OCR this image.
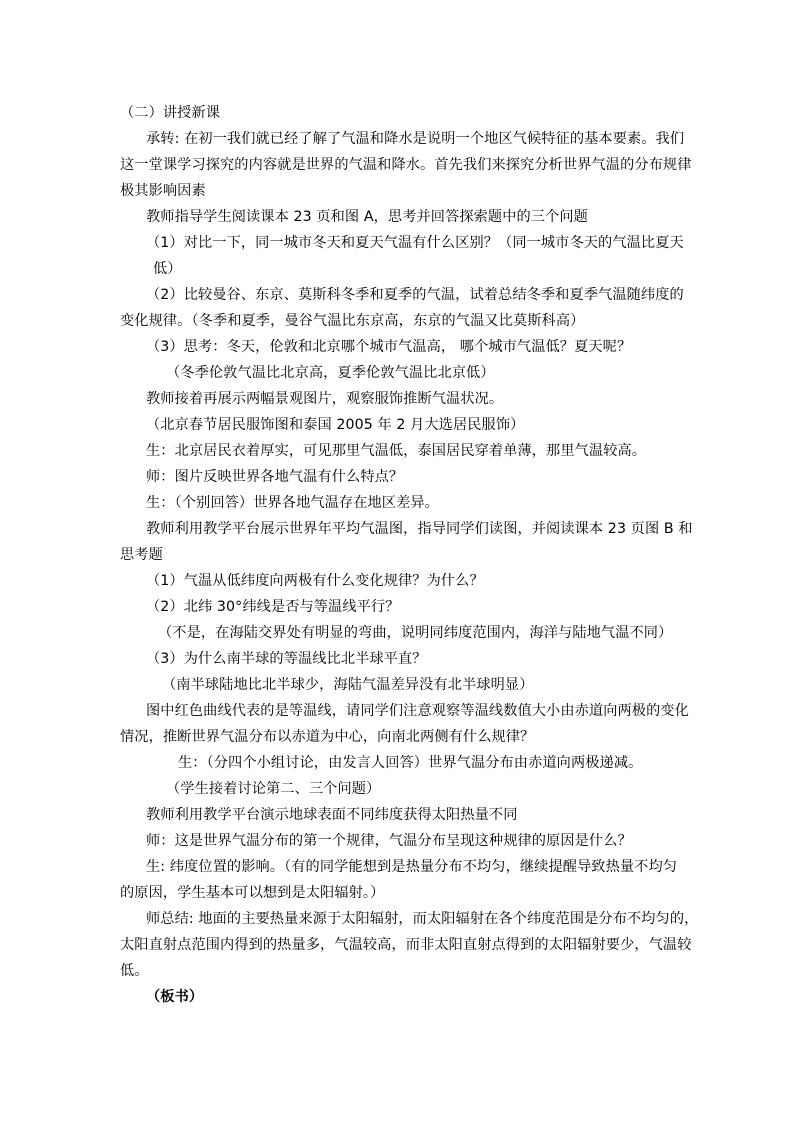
（二）讲授新课
承转: 在初一我们就已经了解了气温和降水是说明一个地区气候特征的基本要素。我们
这一堂课学习探究的内容就是世界的气温和降水。首先我们来探究分析世界气温的分布规律
极其影响因素
教师指导学生阅读课本 23 页和图 A，思考并回答探索题中的三个问题
（1）对比一下，同一城市冬天和夏天气温有什么区别？（同一城市冬天的气温比夏天
低）
（2）比较曼谷、东京、莫斯科冬季和夏季的气温，试着总结冬季和夏季气温随纬度的
变化规律。（冬季和夏季，曼谷气温比东京高，东京的气温又比莫斯科高）
（3）思考：冬天，伦敦和北京哪个城市气温高， 哪个城市气温低？夏天呢？
（冬季伦敦气温比北京高，夏季伦敦气温比北京低）
教师接着再展示两幅景观图片，观察服饰推断气温状况。
（北京春节居民服饰图和泰国 2005 年 2 月大选居民服饰）
生：北京居民衣着厚实，可见那里气温低，泰国居民穿着单薄，那里气温较高。
师：图片反映世界各地气温有什么特点？
生：（个别回答）世界各地气温存在地区差异。
教师利用教学平台展示世界年平均气温图，指导同学们读图，并阅读课本 23 页图 B 和
思考题
（1）气温从低纬度向两极有什么变化规律？为什么？
（2）北纬 30°纬线是否与等温线平行？
（不是，在海陆交界处有明显的弯曲，说明同纬度范围内，海洋与陆地气温不同）
（3）为什么南半球的等温线比北半球平直？
（南半球陆地比北半球少，海陆气温差异没有北半球明显）
图中红色曲线代表的是等温线，请同学们注意观察等温线数值大小由赤道向两极的变化
情况，推断世界气温分布以赤道为中心，向南北两侧有什么规律？
生：（分四个小组讨论，由发言人回答）世界气温分布由赤道向两极递减。
（学生接着讨论第二、三个问题）
教师利用教学平台演示地球表面不同纬度获得太阳热量不同
师：这是世界气温分布的第一个规律，气温分布呈现这种规律的原因是什么？
生: 纬度位置的影响。（有的同学能想到是热量分布不均匀，继续提醒导致热量不均匀
的原因，学生基本可以想到是太阳辐射。）
师总结: 地面的主要热量来源于太阳辐射，而太阳辐射在各个纬度范围是分布不均匀的，
太阳直射点范围内得到的热量多，气温较高，而非太阳直射点得到的太阳辐射要少，气温较
低。
（板书）
